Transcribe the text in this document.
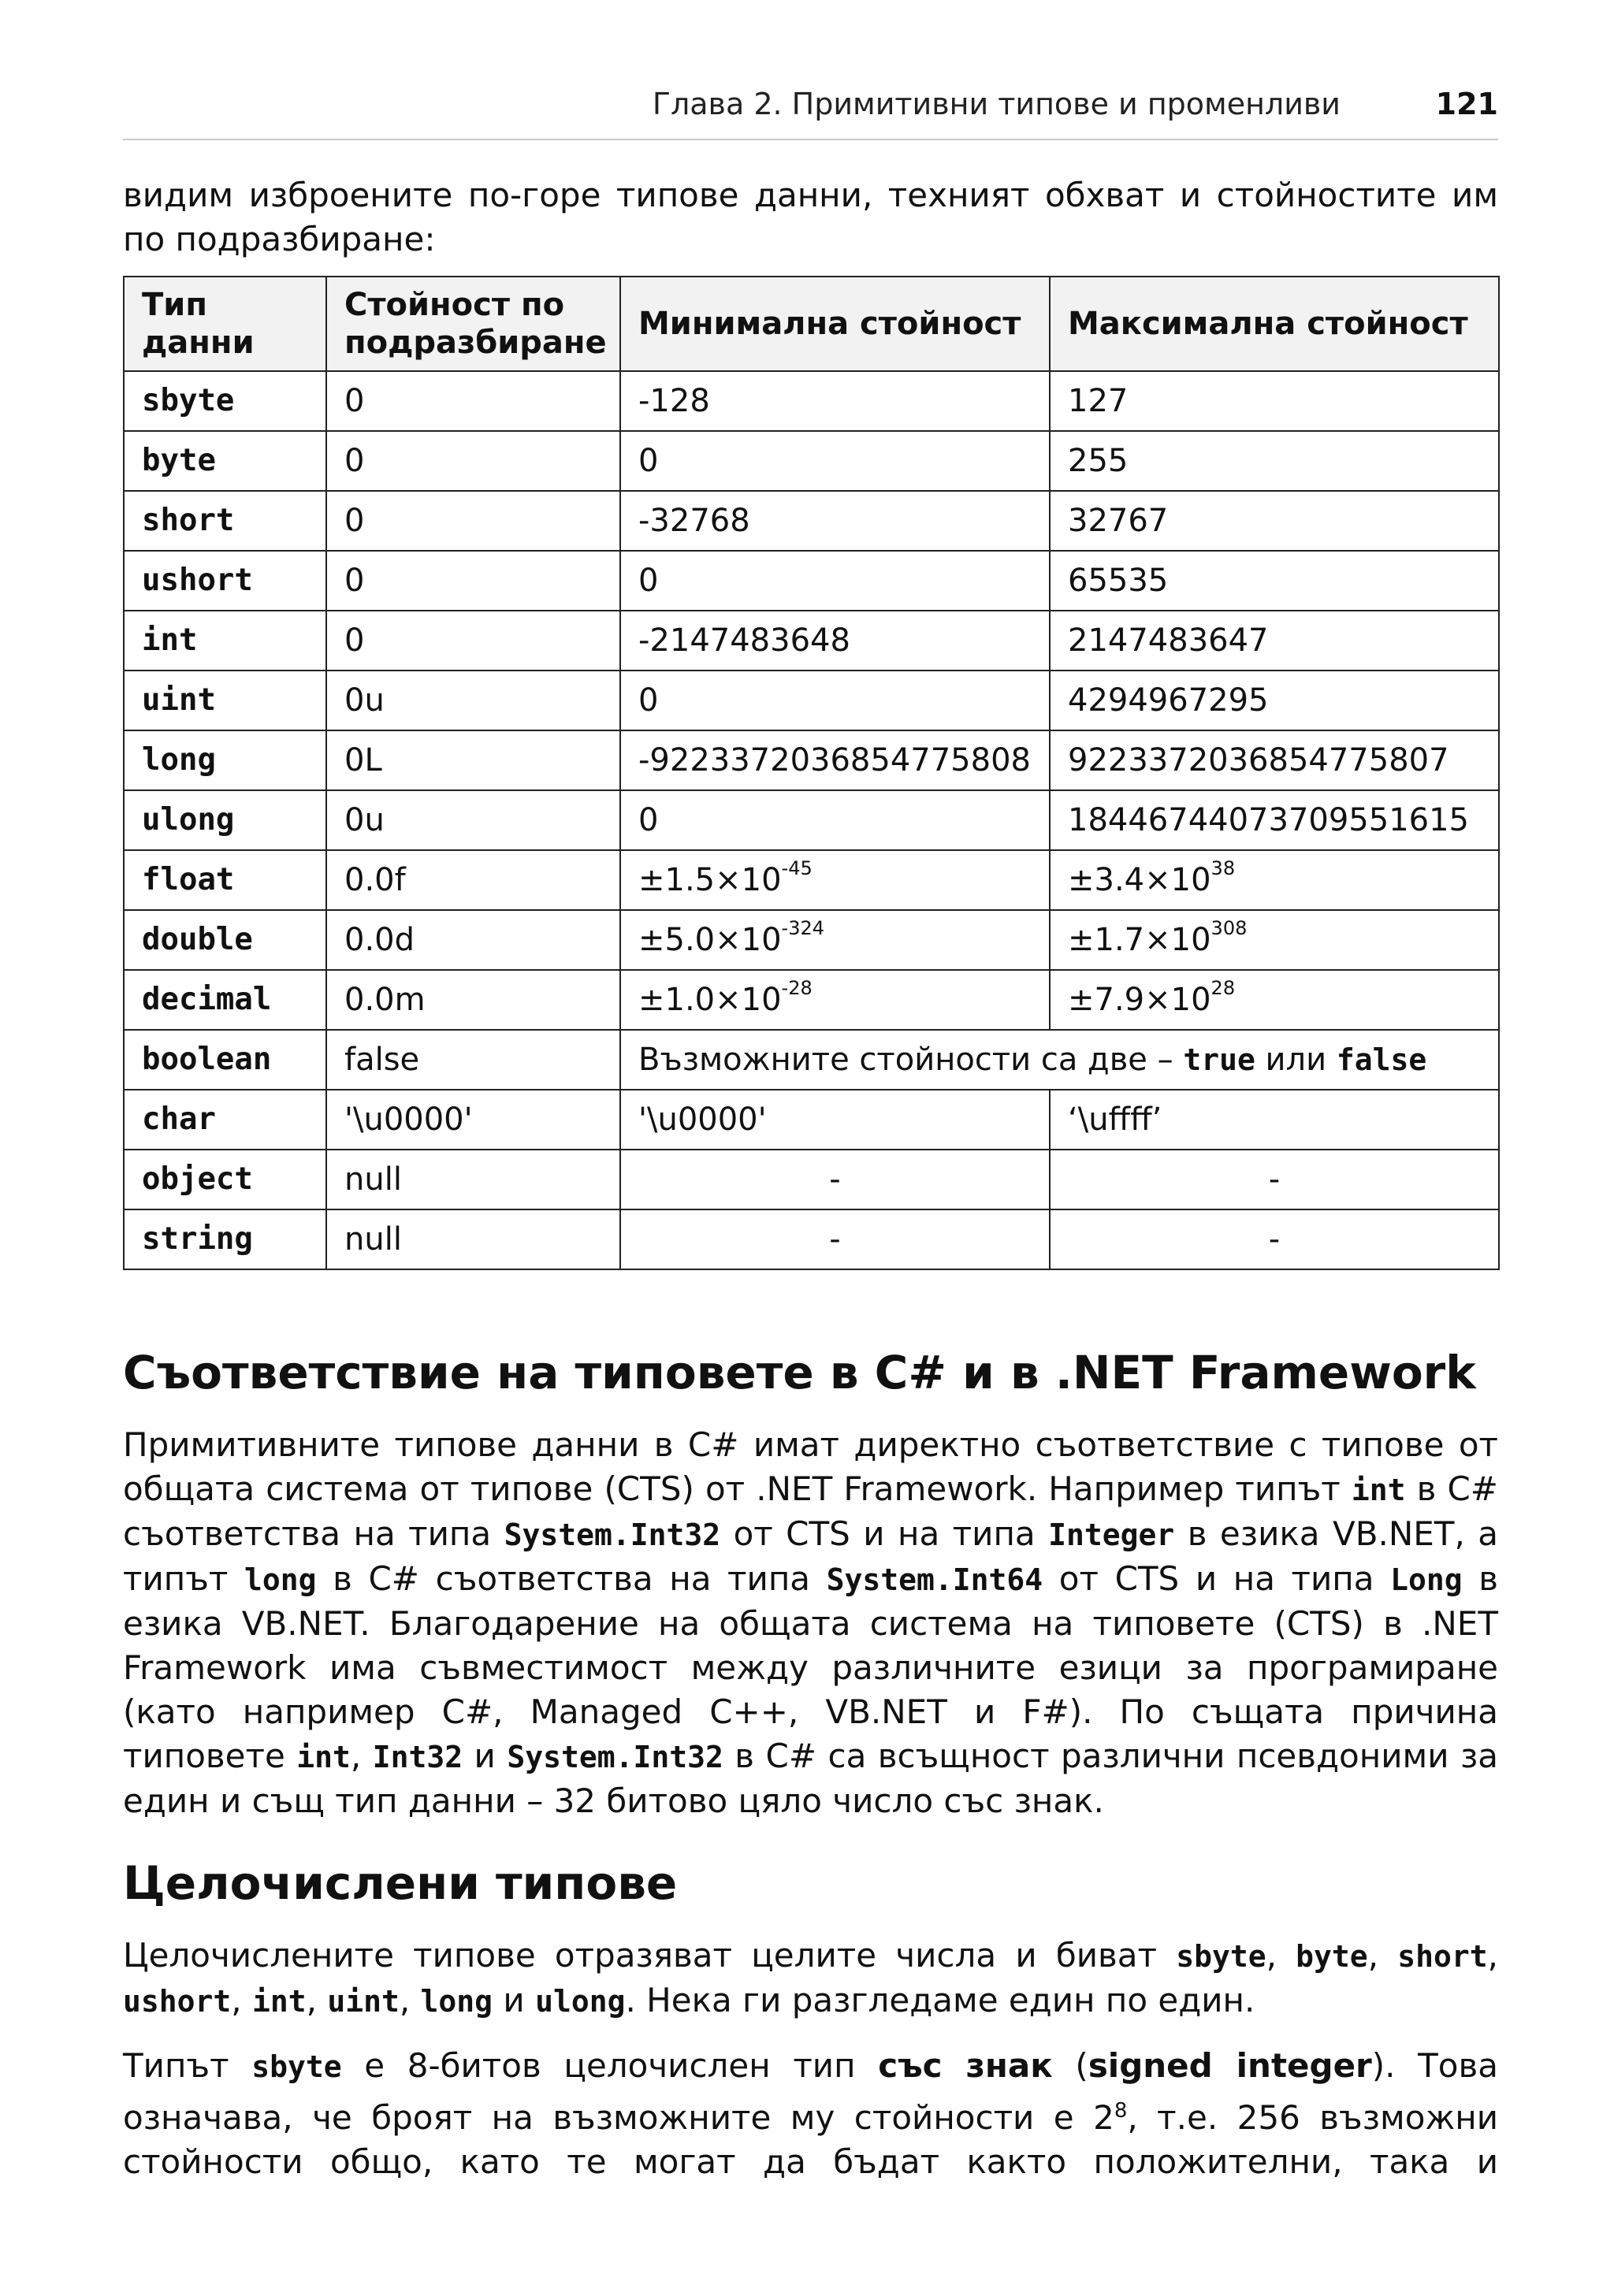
Глава 2. Примитивни типове и променливи	121

видим изброените по-горе типове данни, техният обхват и стойностите им по подразбиране:

Тип данни	Стойност по подразбиране	Минимална стойност	Максимална стойност
sbyte	0	-128	127
byte	0	0	255
short	0	-32768	32767
ushort	0	0	65535
int	0	-2147483648	2147483647
uint	0u	0	4294967295
long	0L	-9223372036854775808	9223372036854775807
ulong	0u	0	18446744073709551615
float	0.0f	$\pm 1.5\times 10^{-45}$	$\pm 3.4\times 10^{38}$
double	0.0d	$\pm 5.0\times 10^{-324}$	$\pm 1.7\times 10^{308}$
decimal	0.0m	$\pm 1.0\times 10^{-28}$	$\pm 7.9\times 10^{28}$
boolean	false	Възможните стойности са две – true или false	
char	'\u0000'	'\u0000'	‘\uffff’
object	null	-	-
string	null	-	-
Съответствие на типовете в C# и в .NET Framework

Примитивните типове данни в C# имат директно съответствие с типове от общата система от типове (CTS) от .NET Framework. Например типът int в C# съответства на типа System.Int32 от CTS и на типа Integer в езика VB.NET, а типът long в C# съответства на типа System.Int64 от CTS и на типа Long в езика VB.NET. Благодарение на общата система на типовете (CTS) в .NET Framework има съвместимост между различните езици за програмиране (като например C#, Managed C++, VB.NET и F#). По същата причина типовете int, Int32 и System.Int32 в C# са всъщност различни псевдоними за един и същ тип данни – 32 битово цяло число със знак.

Целочислени типове

Целочислените типове отразяват целите числа и биват sbyte, byte, short, ushort, int, uint, long и ulong. Нека ги разгледаме един по един.

Типът sbyte е 8-битов целочислен тип със знак (signed integer). Това означава, че броят на възможните му стойности е $2^8$, т.е. 256 възможни стойности общо, като те могат да бъдат както положителни, така и
